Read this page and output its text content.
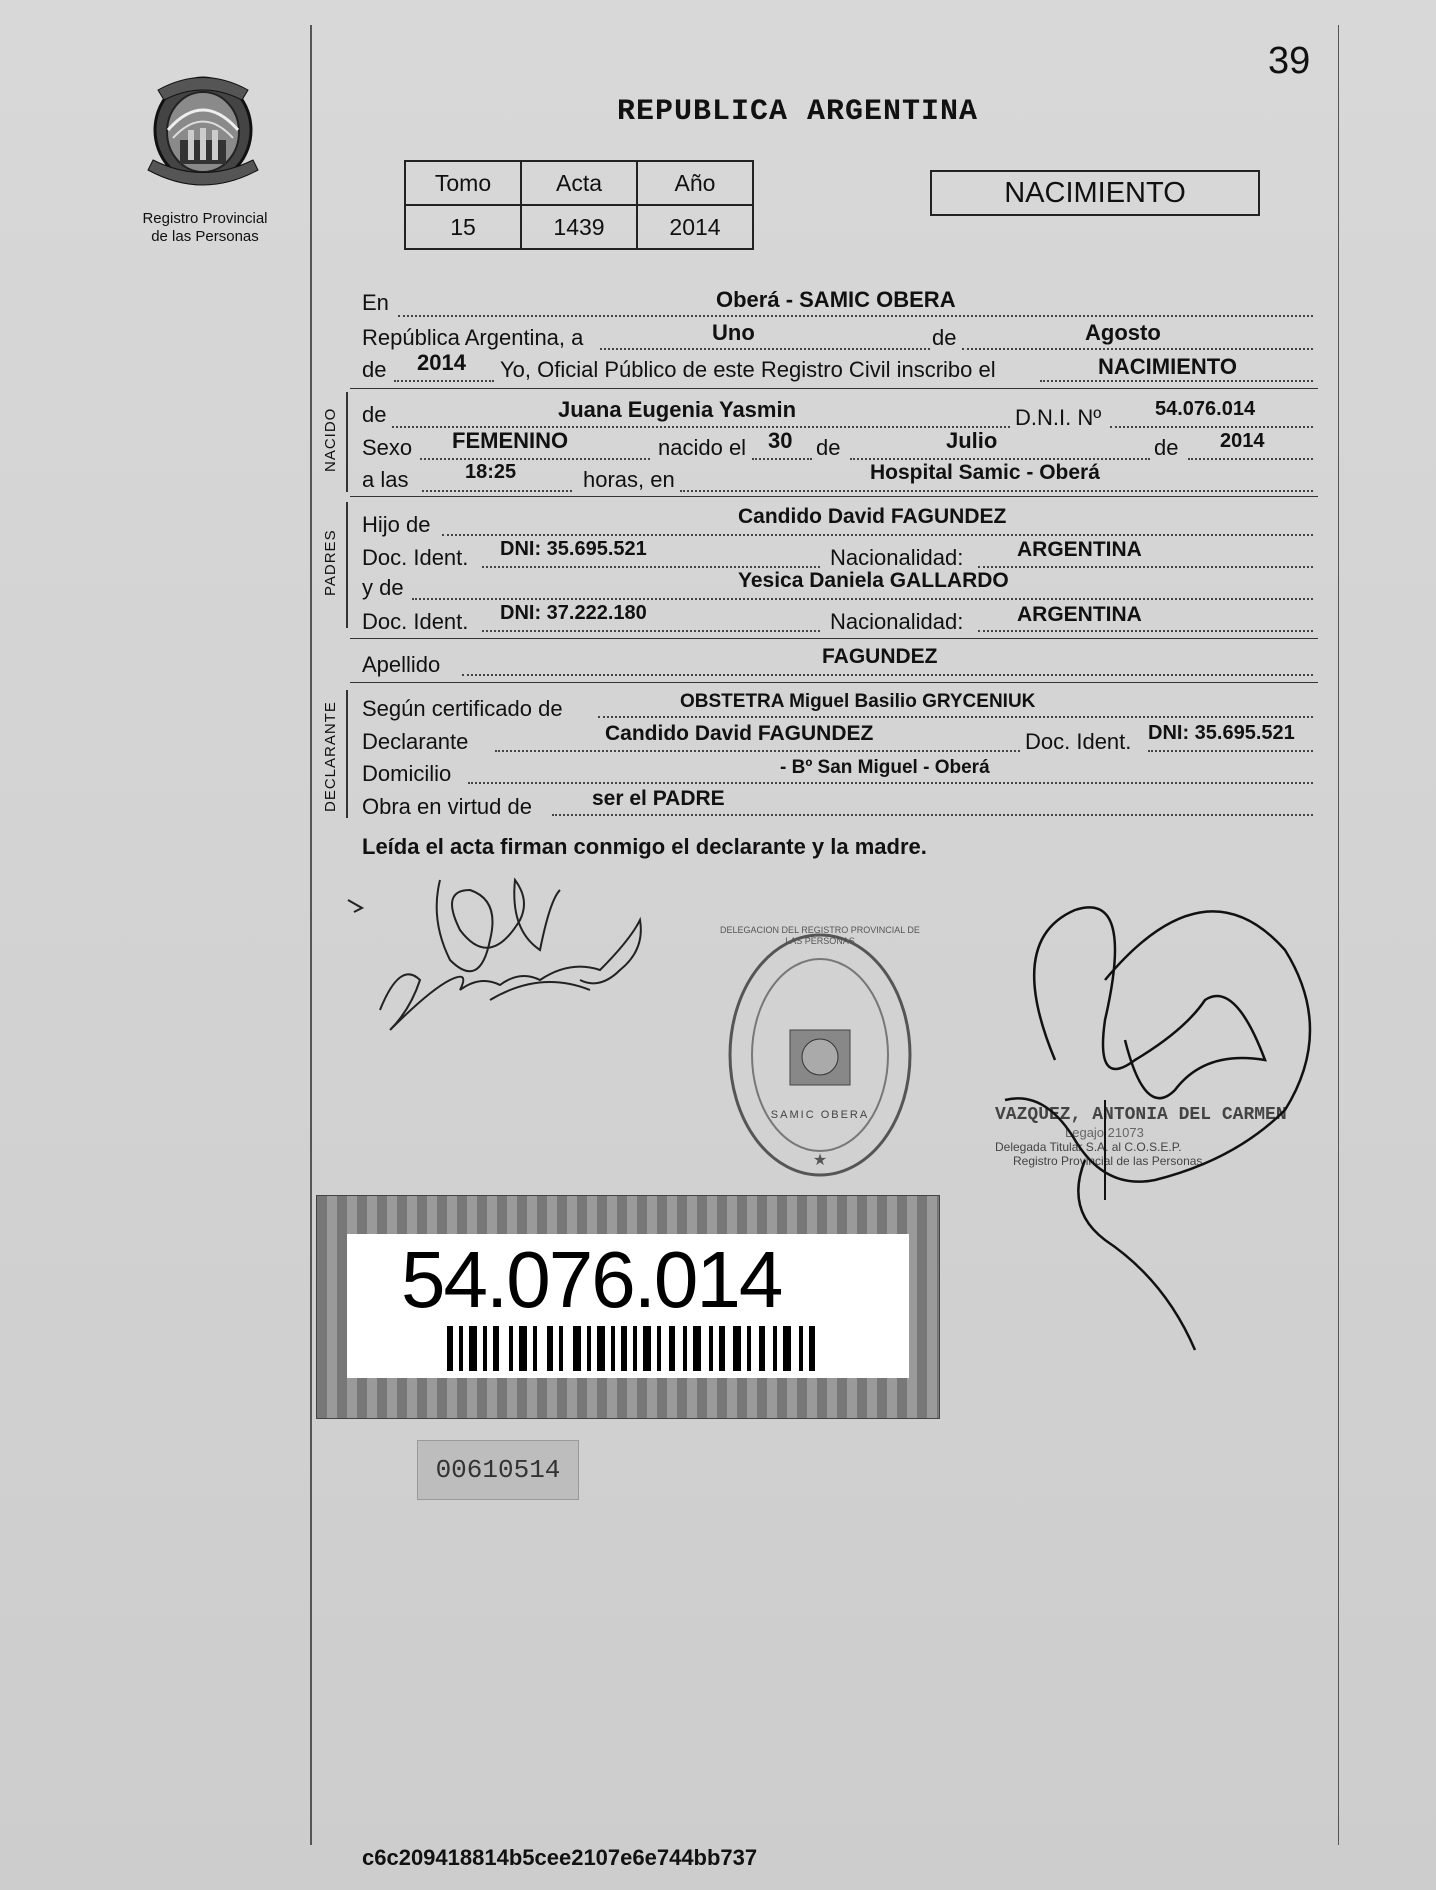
39
Registro Provincial
de las Personas
REPUBLICA ARGENTINA
Tomo	Acta	Año
15	1439	2014
NACIMIENTO
En	Oberá - SAMIC OBERA
República Argentina, a	Uno	de	Agosto
de 2014 Yo, Oficial Público de este Registro Civil inscribo el	NACIMIENTO
NACIDO de	Juana Eugenia Yasmin	D.N.I. Nº	54.076.014
Sexo FEMENINO	nacido el 30 de	Julio	de 2014
a las	18:25	horas, en	Hospital Samic - Oberá
PADRES
Hijo de	Candido David FAGUNDEZ
Doc. Ident. DNI: 35.695.521	Nacionalidad:	ARGENTINA
y de	Yesica Daniela GALLARDO
Doc. Ident. DNI: 37.222.180	Nacionalidad:	ARGENTINA
Apellido	FAGUNDEZ
DECLARANTE Según certificado de	OBSTETRA Miguel Basilio GRYCENIUK
Declarante	Candido David FAGUNDEZ	Doc. Ident. DNI: 35.695.521
Domicilio	- Bº San Miguel - Oberá
Obra en virtud de	ser el PADRE
Leída el acta firman conmigo el declarante y la madre.
★
SAMIC OBERA
DELEGACION DEL REGISTRO PROVINCIAL DE LAS PERSONAS
VAZQUEZ, ANTONIA DEL CARMEN
Legajo 21073
Delegada Titular S.A. al C.O.S.E.P.
Registro Provincial de las Personas
54.076.014
00610514
c6c209418814b5cee2107e6e744bb737
